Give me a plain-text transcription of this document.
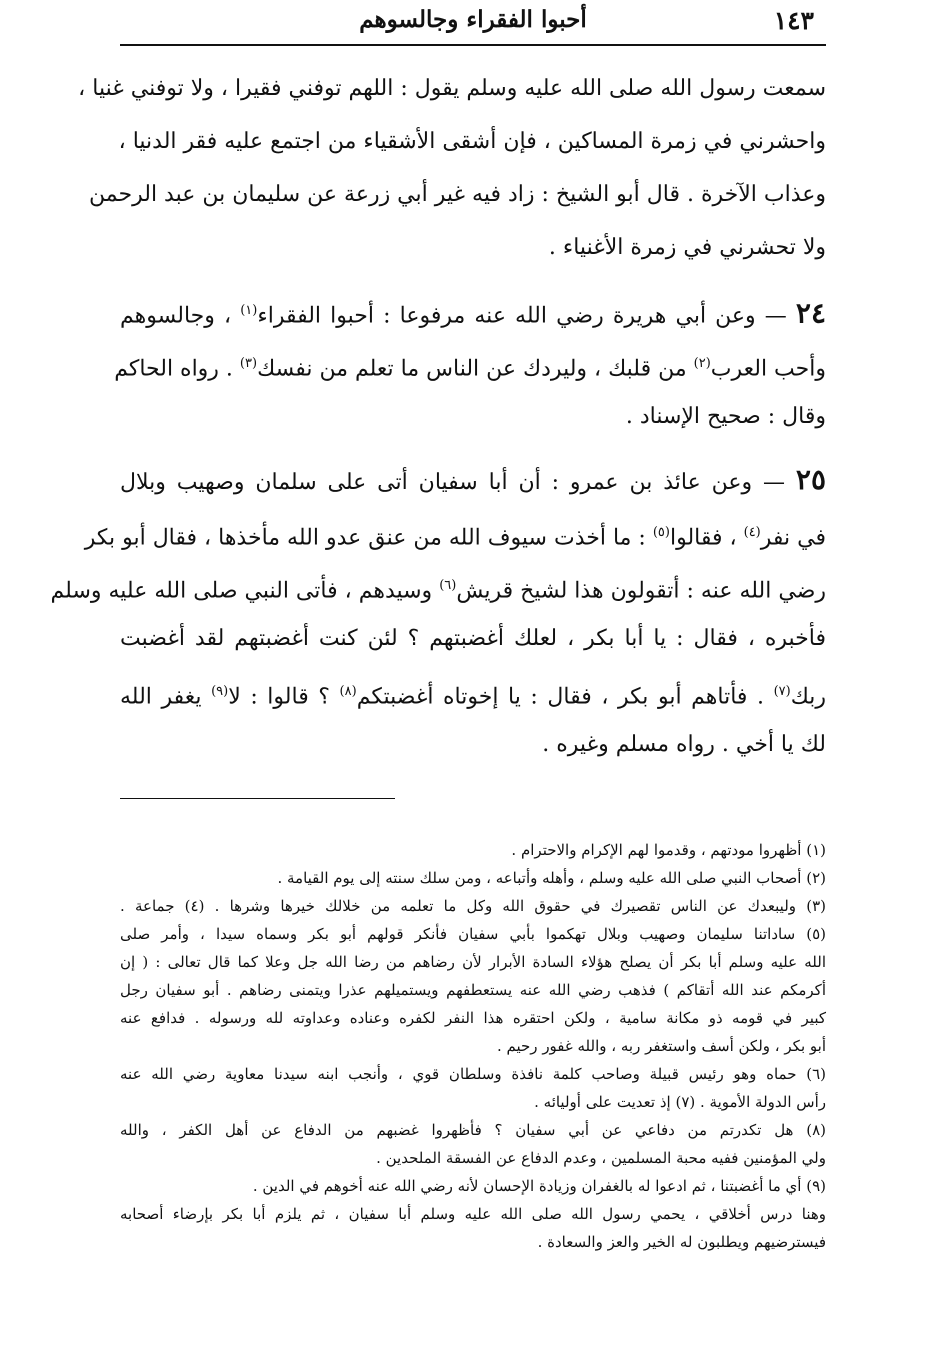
١٤٣
أحبوا الفقراء وجالسوهم
سمعت رسول الله صلى الله عليه وسلم يقول : اللهم توفني فقيرا ، ولا توفني غنيا ،
واحشرني في زمرة المساكين ، فإن أشقى الأشقياء من اجتمع عليه فقر الدنيا ،
وعذاب الآخرة . قال أبو الشيخ : زاد فيه غير أبي زرعة عن سليمان بن عبد الرحمن
ولا تحشرني في زمرة الأغنياء .
٢٤ — وعن أبي هريرة رضي الله عنه مرفوعا : أحبوا الفقراء$^{(١)}$ ، وجالسوهم
وأحب العرب$^{(٢)}$ من قلبك ، وليردك عن الناس ما تعلم من نفسك$^{(٣)}$ . رواه الحاكم
وقال : صحيح الإسناد .
٢٥ — وعن عائذ بن عمرو : أن أبا سفيان أتى على سلمان وصهيب وبلال
في نفر$^{(٤)}$ ، فقالوا$^{(٥)}$ : ما أخذت سيوف الله من عنق عدو الله مأخذها ، فقال أبو بكر
رضي الله عنه : أتقولون هذا لشيخ قريش$^{(٦)}$ وسيدهم ، فأتى النبي صلى الله عليه وسلم
فأخبره ، فقال : يا أبا بكر ، لعلك أغضبتهم ؟ لئن كنت أغضبتهم لقد أغضبت
ربك$^{(٧)}$ . فأتاهم أبو بكر ، فقال : يا إخوتاه أغضبتكم$^{(٨)}$ ؟ قالوا : لا$^{(٩)}$ يغفر الله
لك يا أخي . رواه مسلم وغيره .
(١) أظهروا مودتهم ، وقدموا لهم الإكرام والاحترام .
(٢) أصحاب النبي صلى الله عليه وسلم ، وأهله وأتباعه ، ومن سلك سنته إلى يوم القيامة .
(٣) وليبعدك عن الناس تقصيرك في حقوق الله وكل ما تعلمه من خلالك خيرها وشرها . (٤) جماعة .
(٥) ساداتنا سليمان وصهيب وبلال تهكموا بأبي سفيان فأنكر قولهم أبو بكر وسماه سيدا ، وأمر صلى
الله عليه وسلم أبا بكر أن يصلح هؤلاء السادة الأبرار لأن رضاهم من رضا الله جل وعلا كما قال تعالى : ( إن
أكرمكم عند الله أتقاكم ) فذهب رضي الله عنه يستعطفهم ويستميلهم عذرا ويتمنى رضاهم . أبو سفيان رجل
كبير في قومه ذو مكانة سامية ، ولكن احتقره هذا النفر لكفره وعناده وعداوته لله ورسوله . فدافع عنه
أبو بكر ، ولكن أسف واستغفر ربه ، والله غفور رحيم .
(٦) حماه وهو رئيس قبيلة وصاحب كلمة نافذة وسلطان قوي ، وأنجب ابنه سيدنا معاوية رضي الله عنه
رأس الدولة الأموية . (٧) إذ تعديت على أوليائه .
(٨) هل تكدرتم من دفاعي عن أبي سفيان ؟ فأظهروا غضبهم من الدفاع عن أهل الكفر ، والله
ولي المؤمنين ففيه محبة المسلمين ، وعدم الدفاع عن الفسقة الملحدين .
(٩) أي ما أغضبتنا ، ثم ادعوا له بالغفران وزيادة الإحسان لأنه رضي الله عنه أخوهم في الدين .
وهنا درس أخلاقي ، يحمي رسول الله صلى الله عليه وسلم أبا سفيان ، ثم يلزم أبا بكر بإرضاء أصحابه
فيسترضيهم ويطلبون له الخير والعز والسعادة .
